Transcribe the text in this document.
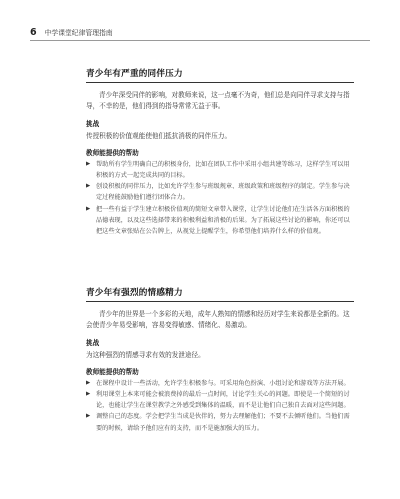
6 中学课堂纪律管理指南
青少年有严重的同伴压力

青少年深受同伴的影响，对教师来说，这一点毫不为奇，他们总是向同伴寻求支持与指导，不幸的是，他们得到的指导常常无益于事。

挑战

传授积极的价值观能使他们抵抗消极的同伴压力。

教师能提供的帮助

▶ 帮助所有学生明确自己的积极身份，比如在团队工作中采用小组共建等练习，这样学生可以用积极的方式一起完成共同的目标。
▶ 创设积极的同伴压力，比如允许学生参与班级规章、班级政策和班级程序的制定。学生参与决定过程能鼓励他们遵行团体合力。
▶ 把一些有益于学生建立积极价值观的简短文章带入课堂，让学生讨论他们在生活各方面积极的品德表现，以及这些选择带来的积极利益和消极的后果。为了拓展这些讨论的影响，你还可以把这些文章张贴在公告牌上，从视觉上提醒学生，你希望他们培养什么样的价值观。
青少年有强烈的情感精力

青少年的世界是一个多彩的天地，成年人熟知的情感和经历对学生来说都是全新的。这会使青少年易受影响，容易变得敏感、情绪化、易激动。

挑战

为这种强烈的情感寻求有效的发泄途径。

教师能提供的帮助

▶ 在课程中设计一些活动，允许学生积极参与。可采用角色扮演、小组讨论和游戏等方法开展。
▶ 利用课堂上本来可能会被浪费掉的最后一点时间，讨论学生关心的问题。即使是一个简短的讨论，也能让学生在课堂教学之外感受到集体的温暖，而不是让他们自己独自去面对这些问题。
▶ 调整自己的态度。学会把学生当成是伙伴的，努力去理解他们；不要不去倾听他们。当他们需要的时候，请给予他们应有的支持，而不是施加强大的压力。
